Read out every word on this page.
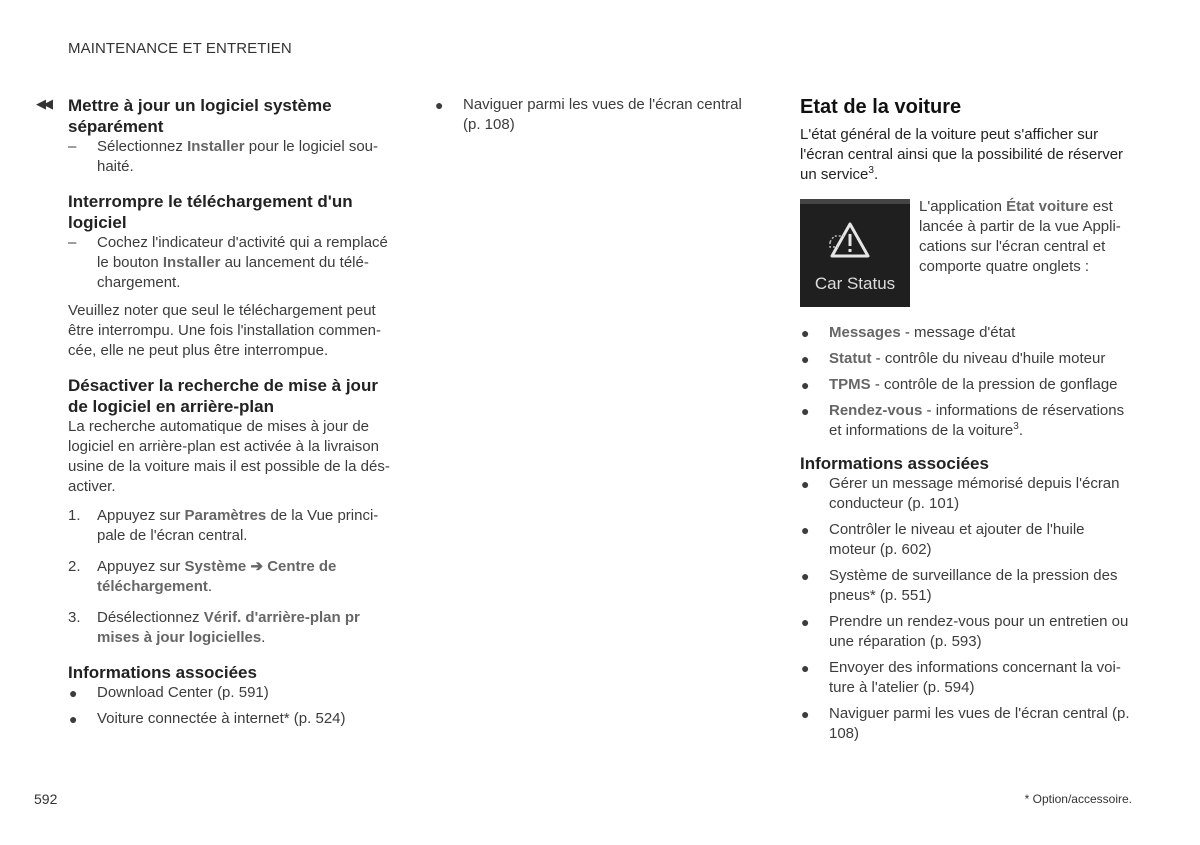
MAINTENANCE ET ENTRETIEN
◀◀ Mettre à jour un logiciel système séparément
– Sélectionnez Installer pour le logiciel souhaité.
Interrompre le téléchargement d'un logiciel
– Cochez l'indicateur d'activité qui a remplacé le bouton Installer au lancement du téléchargement.

Veuillez noter que seul le téléchargement peut être interrompu. Une fois l'installation commencée, elle ne peut plus être interrompue.

Désactiver la recherche de mise à jour de logiciel en arrière-plan

La recherche automatique de mises à jour de logiciel en arrière-plan est activée à la livraison usine de la voiture mais il est possible de la désactiver.

1. Appuyez sur Paramètres de la Vue principale de l'écran central.
2. Appuyez sur Système ➔ Centre de téléchargement.
3. Désélectionnez Vérif. d'arrière-plan pr mises à jour logicielles.
Informations associées
● Download Center (p. 591)
● Voiture connectée à internet* (p. 524)
● Naviguer parmi les vues de l'écran central (p. 108)
Etat de la voiture
L'état général de la voiture peut s'afficher sur l'écran central ainsi que la possibilité de réserver un service$^3$.
Car Status
L'application État voiture est lancée à partir de la vue Applications sur l'écran central et comporte quatre onglets :
● Messages - message d'état
● Statut - contrôle du niveau d'huile moteur
● TPMS - contrôle de la pression de gonflage
● Rendez-vous - informations de réservations et informations de la voiture$^3$.
Informations associées
● Gérer un message mémorisé depuis l'écran conducteur (p. 101)
● Contrôler le niveau et ajouter de l'huile moteur (p. 602)
● Système de surveillance de la pression des pneus* (p. 551)
● Prendre un rendez-vous pour un entretien ou une réparation (p. 593)
● Envoyer des informations concernant la voiture à l'atelier (p. 594)
● Naviguer parmi les vues de l'écran central (p. 108)
592	* Option/accessoire.
